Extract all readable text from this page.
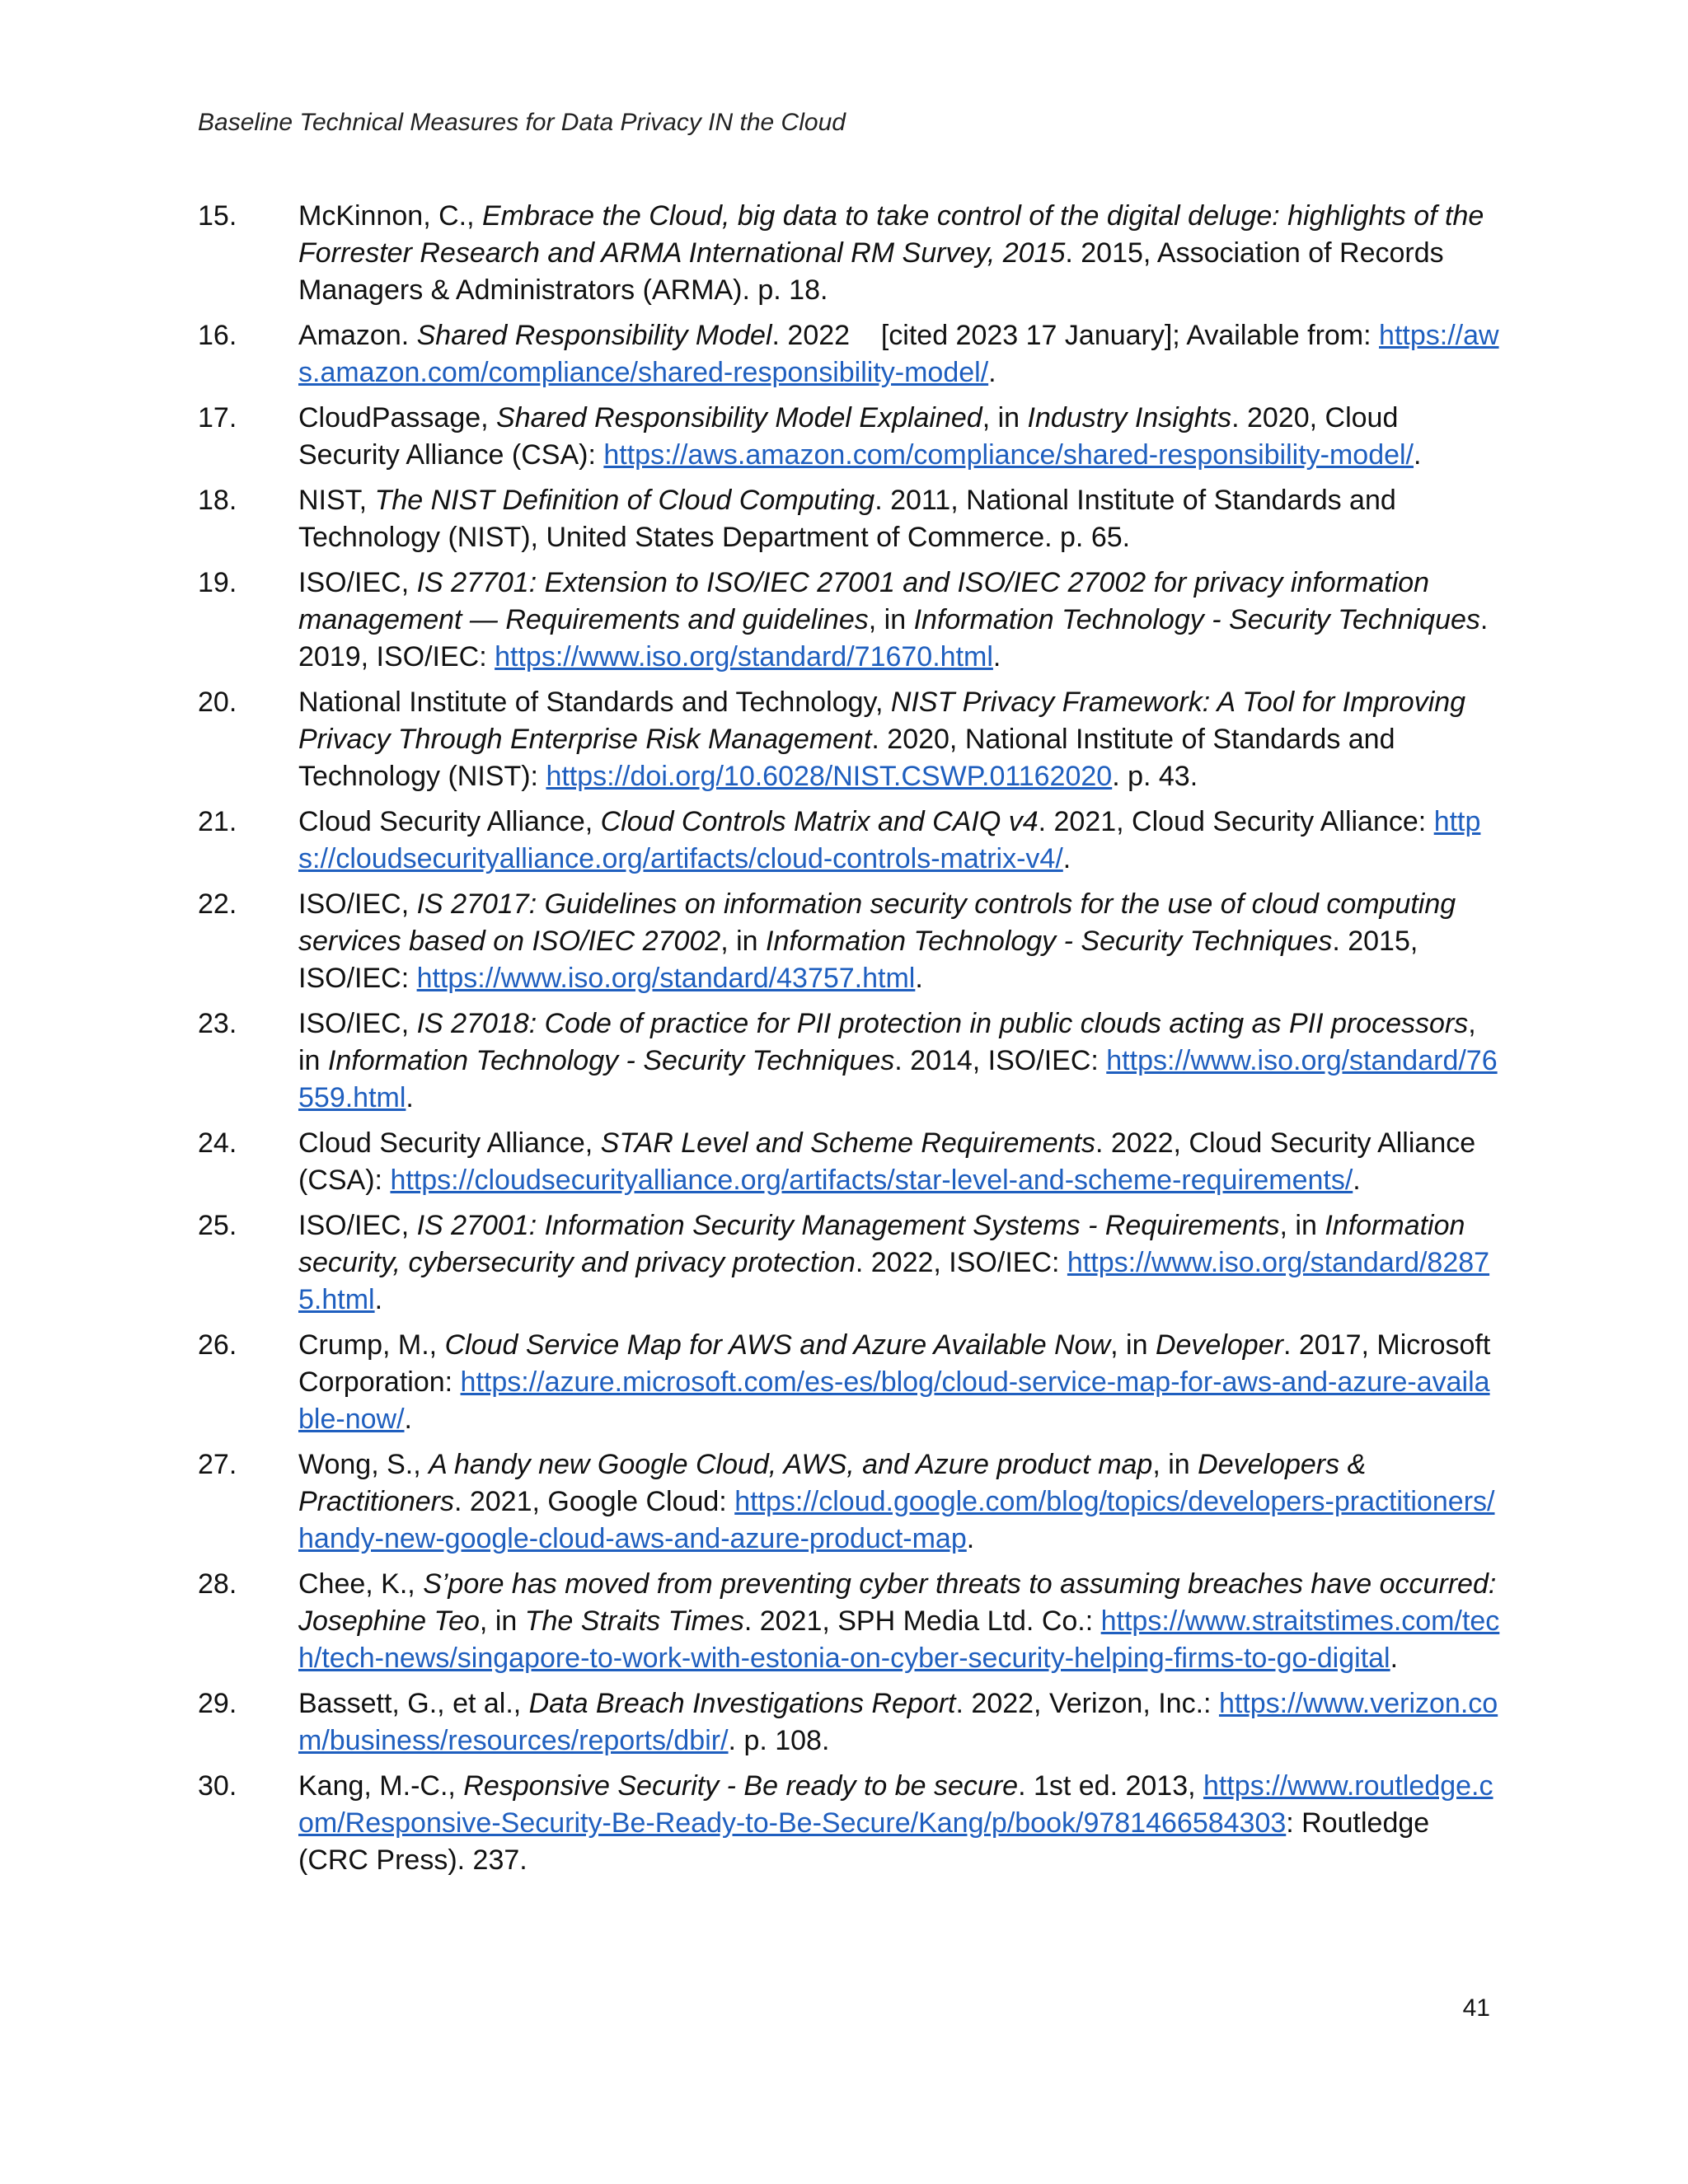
Baseline Technical Measures for Data Privacy IN the Cloud
15.	McKinnon, C., Embrace the Cloud, big data to take control of the digital deluge: highlights of the Forrester Research and ARMA International RM Survey, 2015. 2015, Association of Records Managers & Administrators (ARMA). p. 18.
16.	Amazon. Shared Responsibility Model. 2022    [cited 2023 17 January]; Available from: https://aws.amazon.com/compliance/shared-responsibility-model/.
17.	CloudPassage, Shared Responsibility Model Explained, in Industry Insights. 2020, Cloud Security Alliance (CSA): https://aws.amazon.com/compliance/shared-responsibility-model/.
18.	NIST, The NIST Definition of Cloud Computing. 2011, National Institute of Standards and Technology (NIST), United States Department of Commerce. p. 65.
19.	ISO/IEC, IS 27701: Extension to ISO/IEC 27001 and ISO/IEC 27002 for privacy information management — Requirements and guidelines, in Information Technology - Security Techniques. 2019, ISO/IEC: https://www.iso.org/standard/71670.html.
20.	National Institute of Standards and Technology, NIST Privacy Framework: A Tool for Improving Privacy Through Enterprise Risk Management. 2020, National Institute of Standards and Technology (NIST): https://doi.org/10.6028/NIST.CSWP.01162020. p. 43.
21.	Cloud Security Alliance, Cloud Controls Matrix and CAIQ v4. 2021, Cloud Security Alliance: https://cloudsecurityalliance.org/artifacts/cloud-controls-matrix-v4/.
22.	ISO/IEC, IS 27017: Guidelines on information security controls for the use of cloud computing services based on ISO/IEC 27002, in Information Technology - Security Techniques. 2015, ISO/IEC: https://www.iso.org/standard/43757.html.
23.	ISO/IEC, IS 27018: Code of practice for PII protection in public clouds acting as PII processors, in Information Technology - Security Techniques. 2014, ISO/IEC: https://www.iso.org/standard/76559.html.
24.	Cloud Security Alliance, STAR Level and Scheme Requirements. 2022, Cloud Security Alliance (CSA): https://cloudsecurityalliance.org/artifacts/star-level-and-scheme-requirements/.
25.	ISO/IEC, IS 27001: Information Security Management Systems - Requirements, in Information security, cybersecurity and privacy protection. 2022, ISO/IEC: https://www.iso.org/standard/82875.html.
26.	Crump, M., Cloud Service Map for AWS and Azure Available Now, in Developer. 2017, Microsoft Corporation: https://azure.microsoft.com/es-es/blog/cloud-service-map-for-aws-and-azure-available-now/.
27.	Wong, S., A handy new Google Cloud, AWS, and Azure product map, in Developers & Practitioners. 2021, Google Cloud: https://cloud.google.com/blog/topics/developers-practitioners/handy-new-google-cloud-aws-and-azure-product-map.
28.	Chee, K., S’pore has moved from preventing cyber threats to assuming breaches have occurred: Josephine Teo, in The Straits Times. 2021, SPH Media Ltd. Co.: https://www.straitstimes.com/tech/tech-news/singapore-to-work-with-estonia-on-cyber-security-helping-firms-to-go-digital.
29.	Bassett, G., et al., Data Breach Investigations Report. 2022, Verizon, Inc.: https://www.verizon.com/business/resources/reports/dbir/. p. 108.
30.	Kang, M.-C., Responsive Security - Be ready to be secure. 1st ed. 2013, https://www.routledge.com/Responsive-Security-Be-Ready-to-Be-Secure/Kang/p/book/9781466584303: Routledge (CRC Press). 237.
41
